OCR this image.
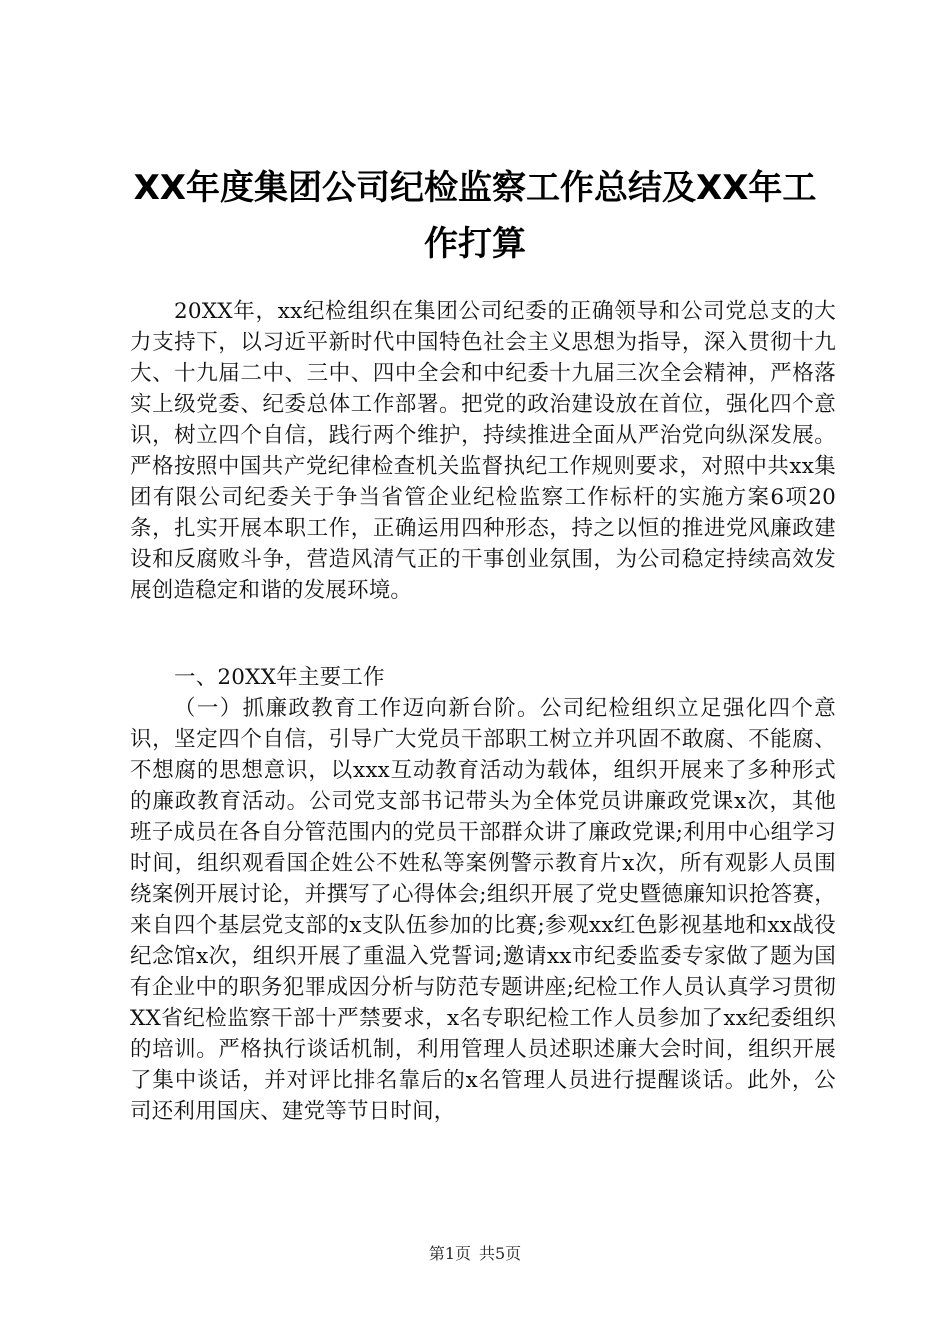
XX年度集团公司纪检监察工作总结及XX年工
作打算

20XX年，xx纪检组织在集团公司纪委的正确领导和公司党总支的大力支持下，以习近平新时代中国特色社会主义思想为指导，深入贯彻十九大、十九届二中、三中、四中全会和中纪委十九届三次全会精神，严格落实上级党委、纪委总体工作部署。把党的政治建设放在首位，强化四个意识，树立四个自信，践行两个维护，持续推进全面从严治党向纵深发展。严格按照中国共产党纪律检查机关监督执纪工作规则要求，对照中共xx集团有限公司纪委关于争当省管企业纪检监察工作标杆的实施方案6项20条，扎实开展本职工作，正确运用四种形态，持之以恒的推进党风廉政建设和反腐败斗争，营造风清气正的干事创业氛围，为公司稳定持续高效发展创造稳定和谐的发展环境。

一、20XX年主要工作

（一）抓廉政教育工作迈向新台阶。公司纪检组织立足强化四个意识，坚定四个自信，引导广大党员干部职工树立并巩固不敢腐、不能腐、不想腐的思想意识，以xxx互动教育活动为载体，组织开展来了多种形式的廉政教育活动。公司党支部书记带头为全体党员讲廉政党课x次，其他班子成员在各自分管范围内的党员干部群众讲了廉政党课;利用中心组学习时间，组织观看国企姓公不姓私等案例警示教育片x次，所有观影人员围绕案例开展讨论，并撰写了心得体会;组织开展了党史暨德廉知识抢答赛，来自四个基层党支部的x支队伍参加的比赛;参观xx红色影视基地和xx战役纪念馆x次，组织开展了重温入党誓词;邀请xx市纪委监委专家做了题为国有企业中的职务犯罪成因分析与防范专题讲座;纪检工作人员认真学习贯彻XX省纪检监察干部十严禁要求，x名专职纪检工作人员参加了xx纪委组织的培训。严格执行谈话机制，利用管理人员述职述廉大会时间，组织开展了集中谈话，并对评比排名靠后的x名管理人员进行提醒谈话。此外，公司还利用国庆、建党等节日时间，

第1页 共5页
